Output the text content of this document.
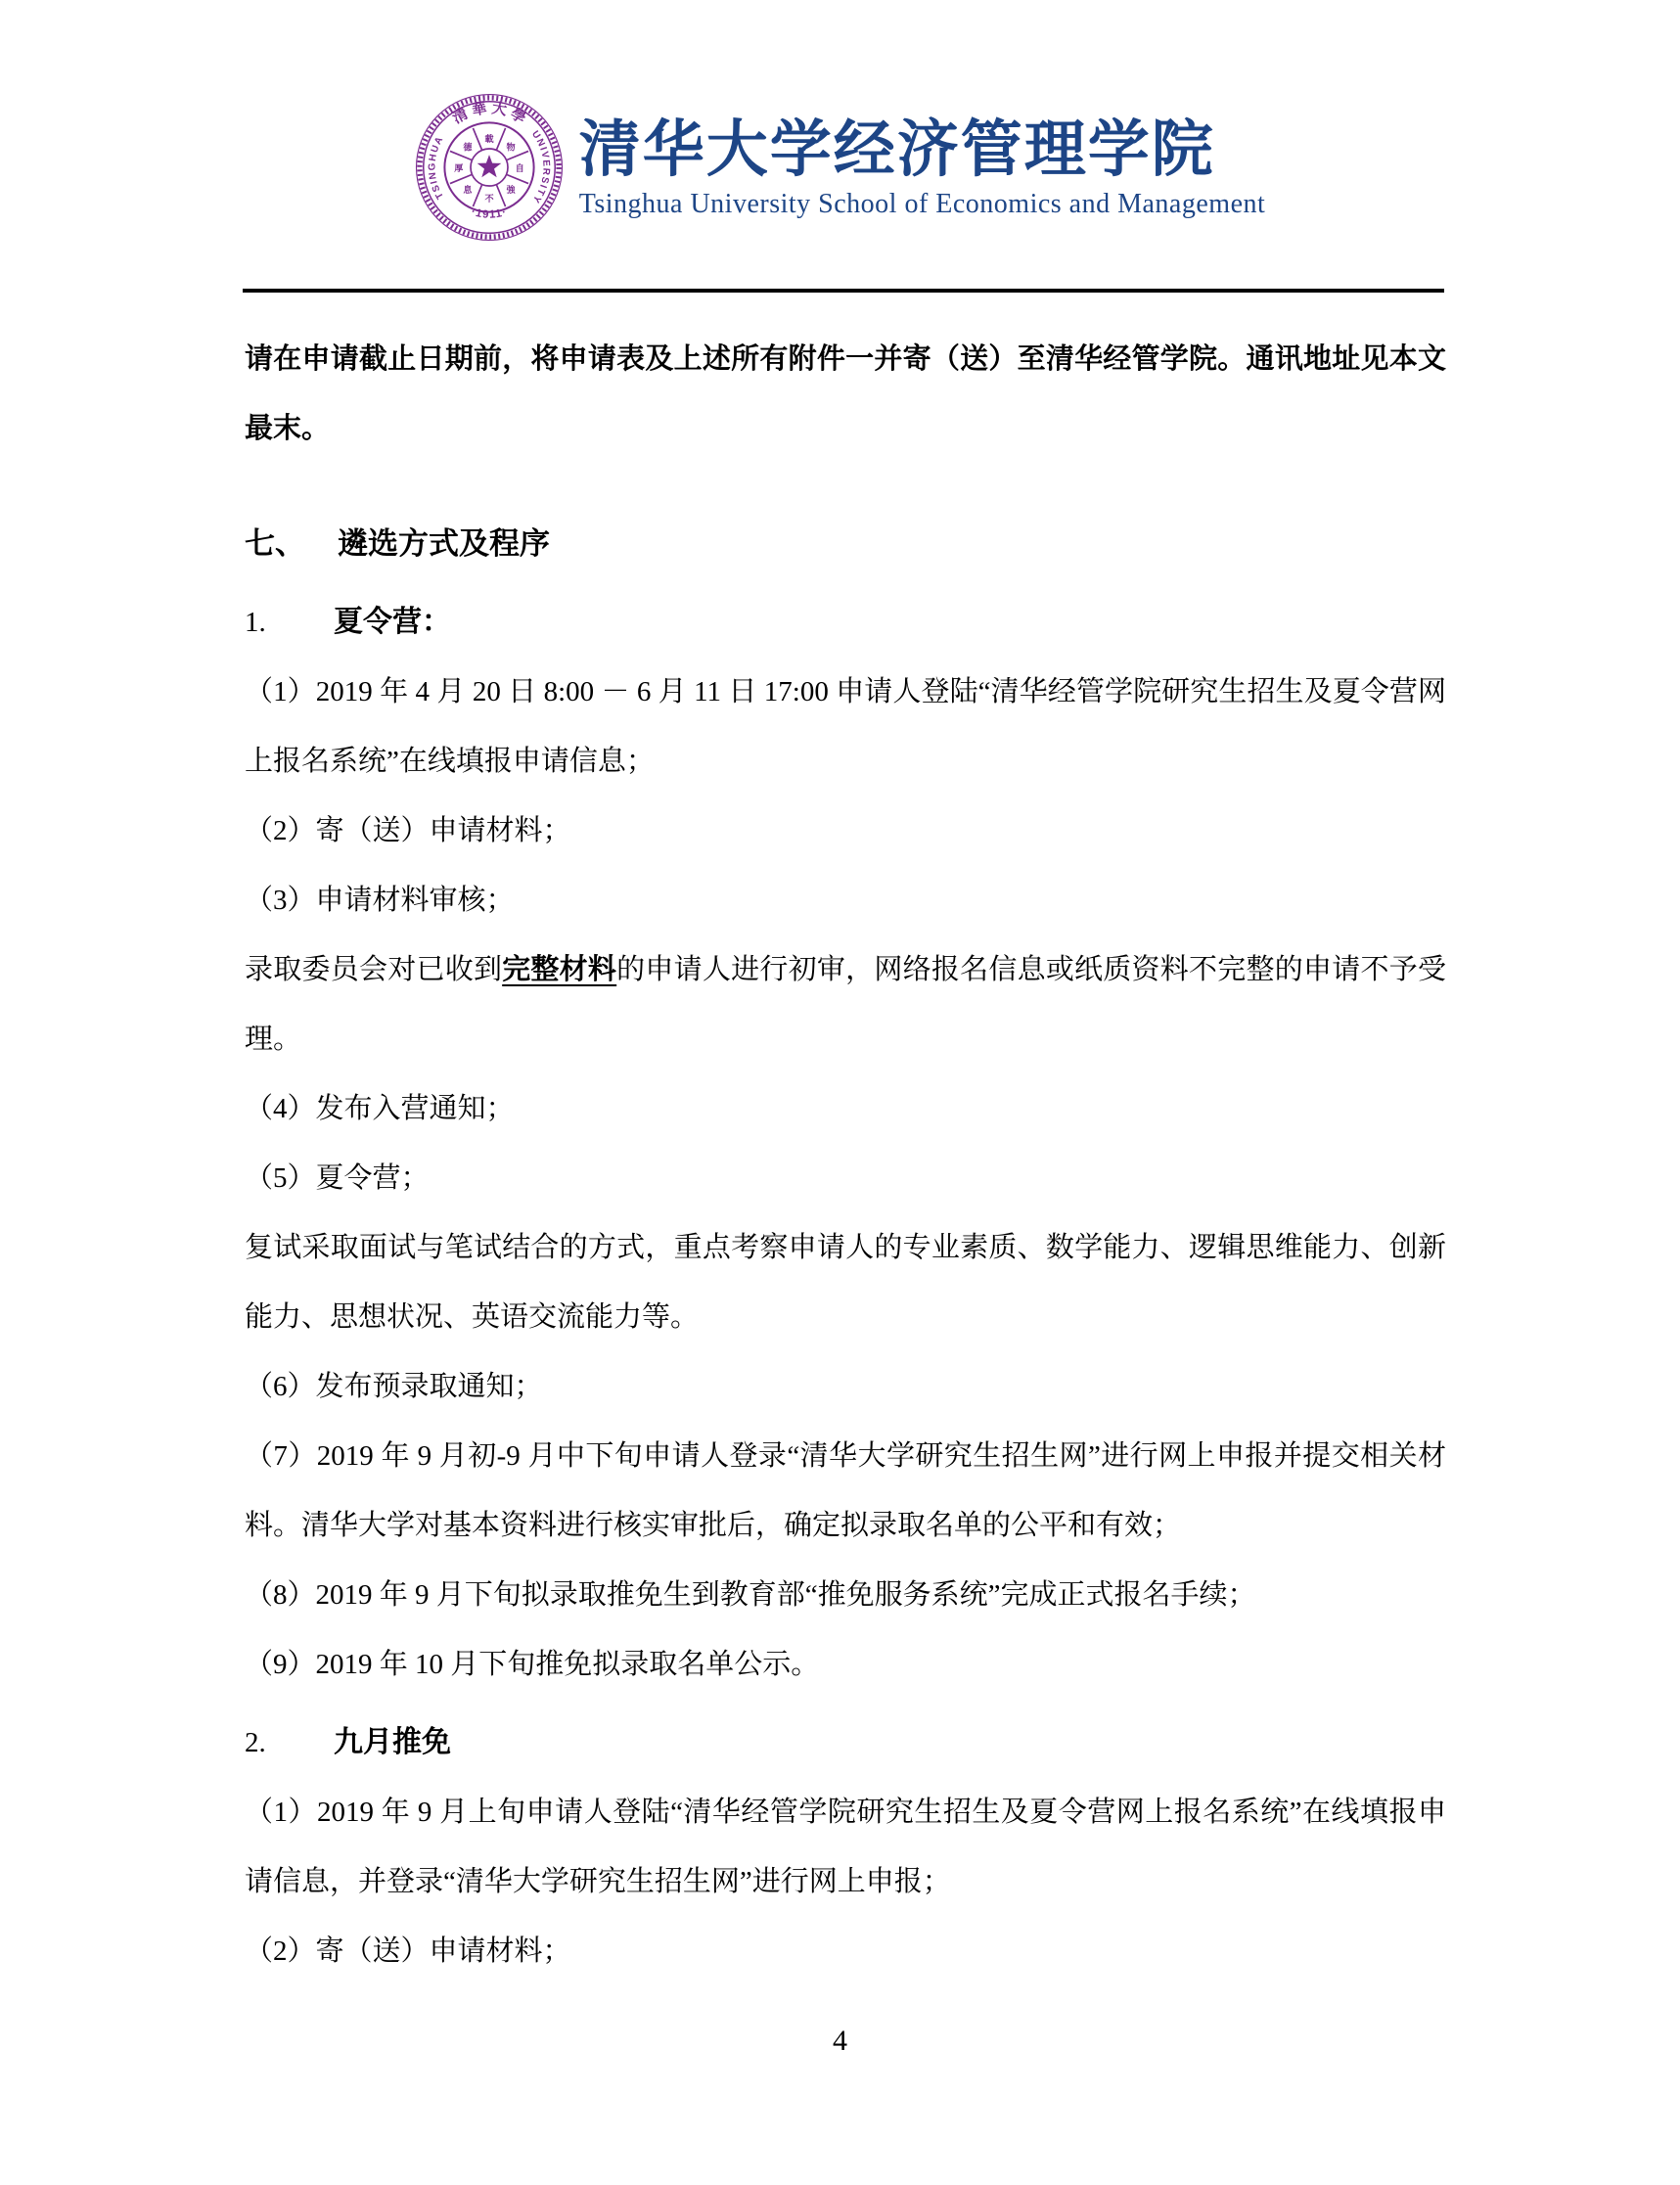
自
強
不
息
厚
德
載
物
清 華 大 學
TSINGHUA	UNIVERSITY
·1911·
清华大学经济管理学院
Tsinghua University School of Economics and Management

请在申请截止日期前，将申请表及上述所有附件一并寄（送）至清华经管学院。通讯地址见本文最末。

七、 遴选方式及程序

1. 夏令营：

（1）2019 年 4 月 20 日 8:00 － 6 月 11 日 17:00 申请人登陆“清华经管学院研究生招生及夏令营网上报名系统”在线填报申请信息；

（2）寄（送）申请材料；

（3）申请材料审核；

录取委员会对已收到完整材料的申请人进行初审，网络报名信息或纸质资料不完整的申请不予受理。

（4）发布入营通知；

（5）夏令营；

复试采取面试与笔试结合的方式，重点考察申请人的专业素质、数学能力、逻辑思维能力、创新能力、思想状况、英语交流能力等。

（6）发布预录取通知；

（7）2019 年 9 月初-9 月中下旬申请人登录“清华大学研究生招生网”进行网上申报并提交相关材料。清华大学对基本资料进行核实审批后，确定拟录取名单的公平和有效；

（8）2019 年 9 月下旬拟录取推免生到教育部“推免服务系统”完成正式报名手续；

（9）2019 年 10 月下旬推免拟录取名单公示。

2. 九月推免

（1）2019 年 9 月上旬申请人登陆“清华经管学院研究生招生及夏令营网上报名系统”在线填报申请信息，并登录“清华大学研究生招生网”进行网上申报；

（2）寄（送）申请材料；

4
